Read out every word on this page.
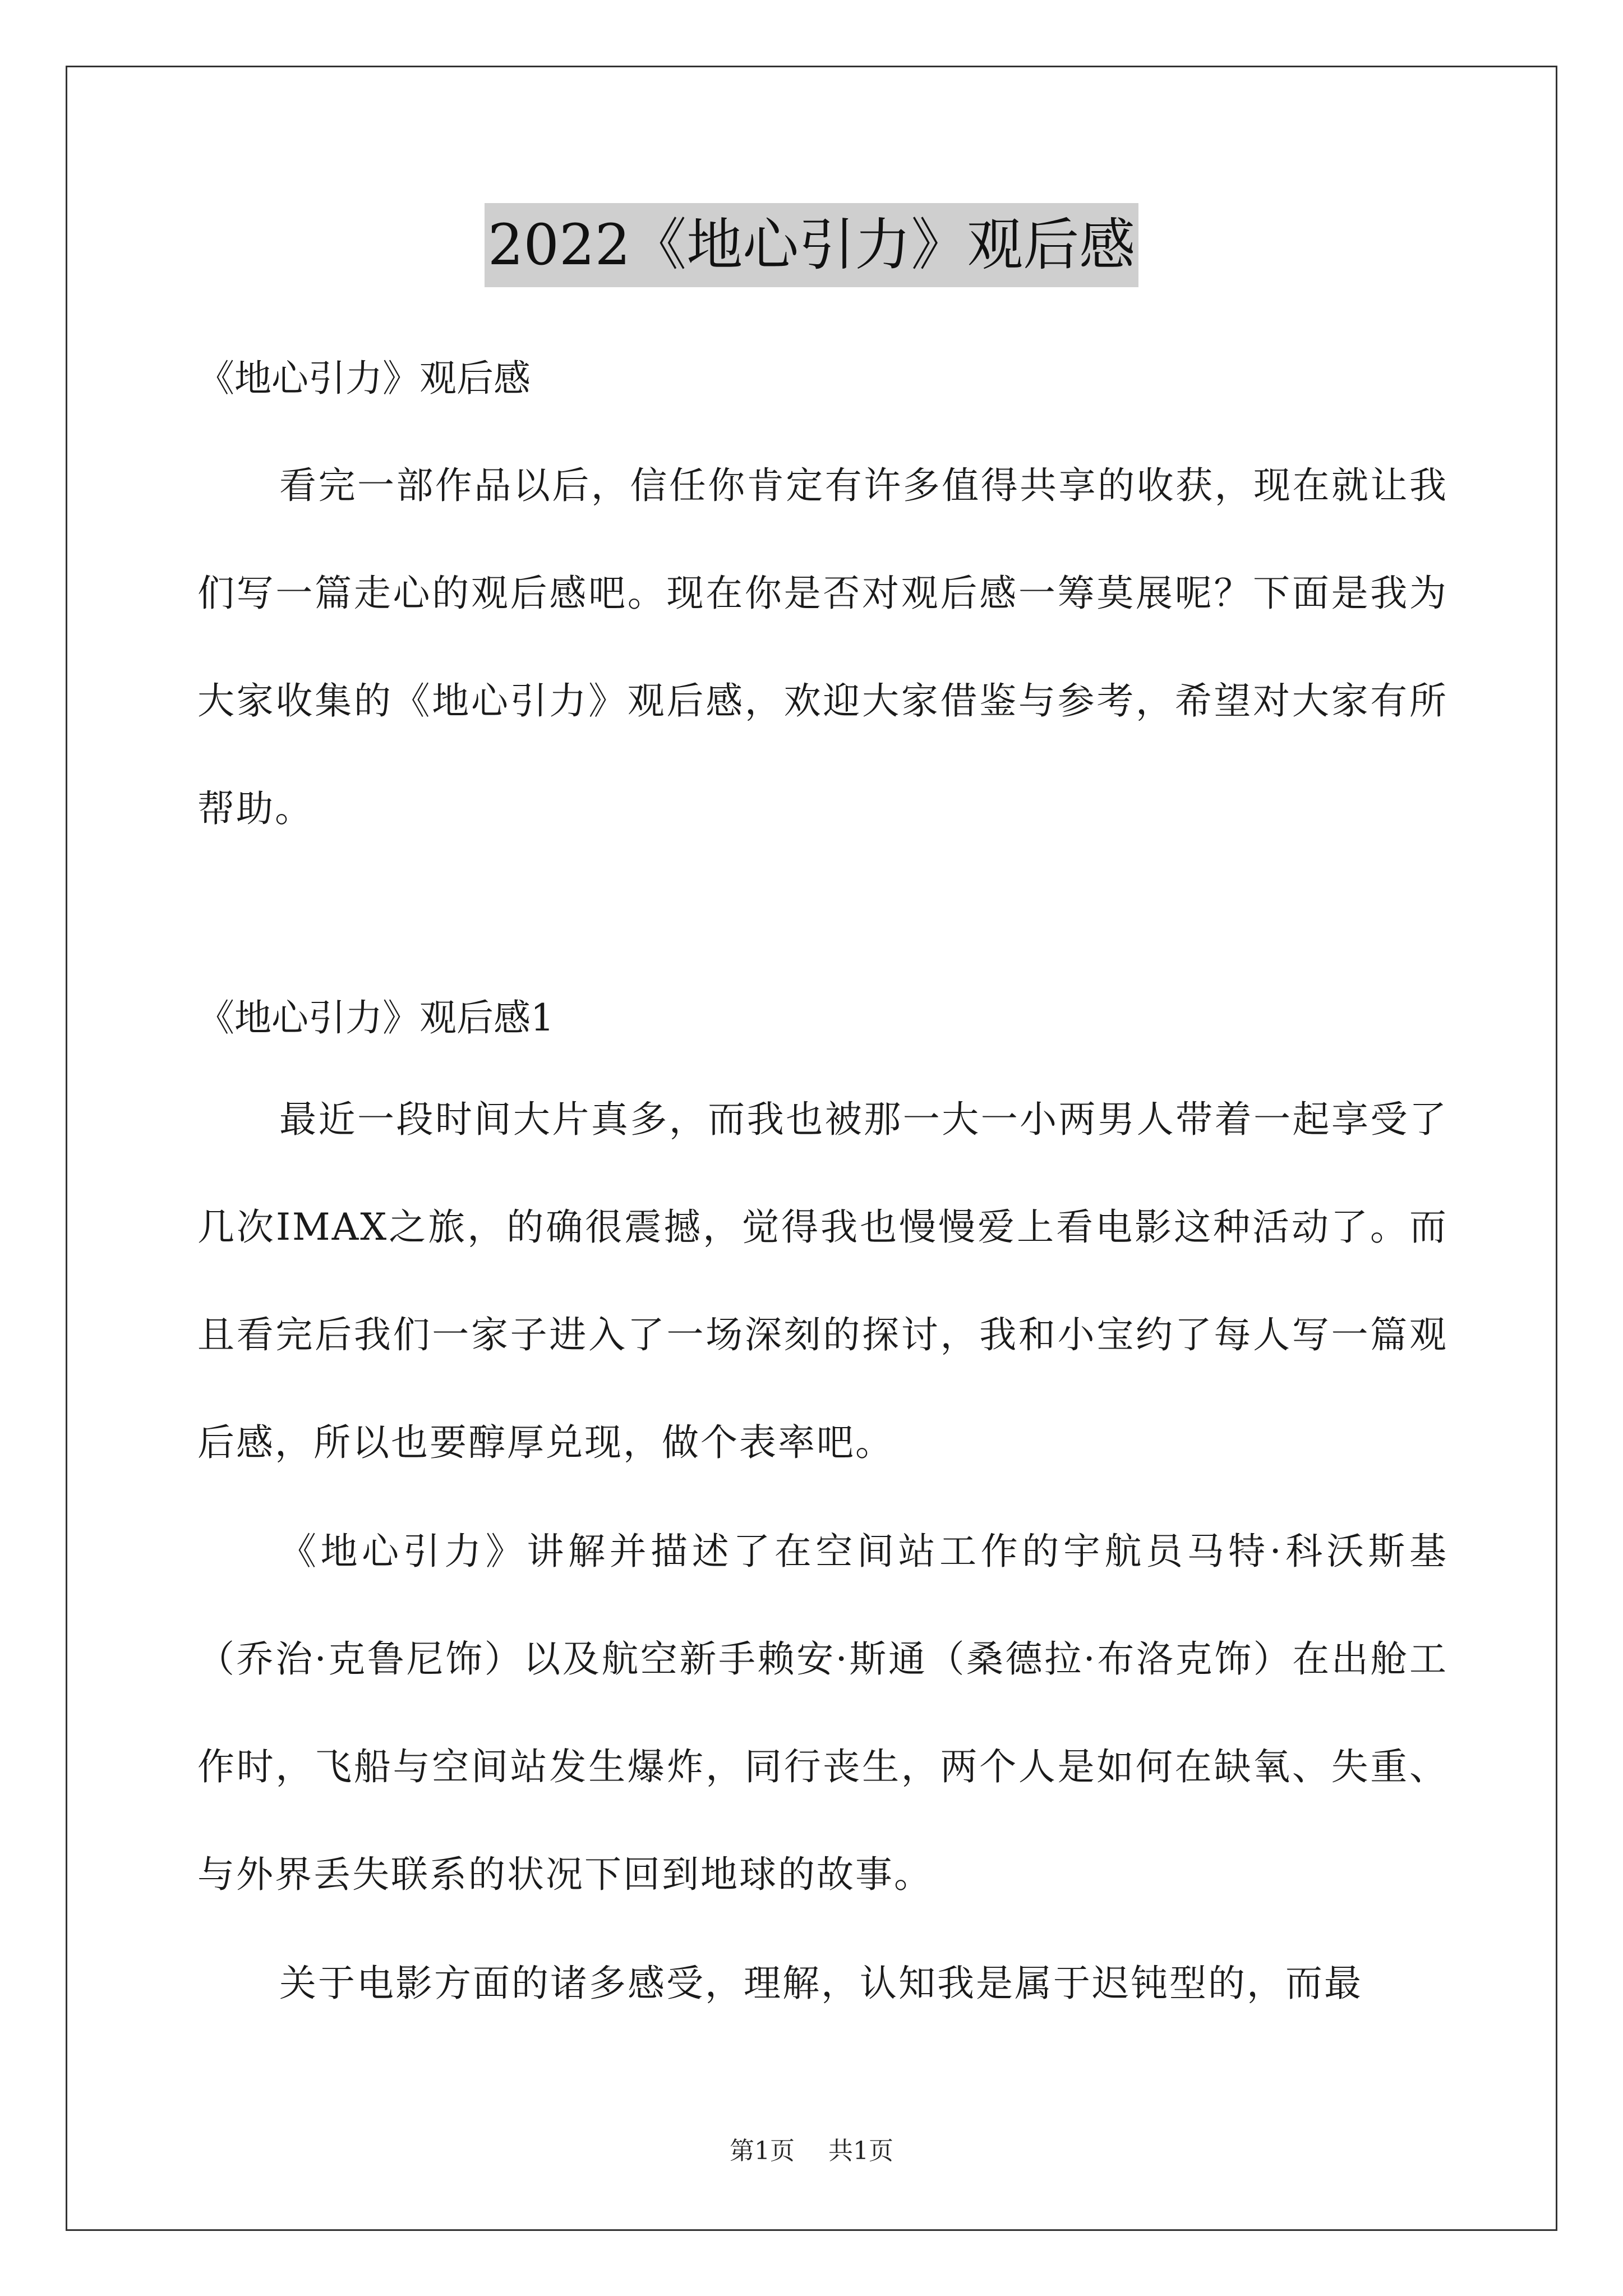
2022《地心引力》观后感
《地心引力》观后感

看完一部作品以后，信任你肯定有许多值得共享的收获，现在就让我们写一篇走心的观后感吧。现在你是否对观后感一筹莫展呢？下面是我为大家收集的《地心引力》观后感，欢迎大家借鉴与参考，希望对大家有所帮助。

《地心引力》观后感1

最近一段时间大片真多，而我也被那一大一小两男人带着一起享受了几次IMAX之旅，的确很震撼，觉得我也慢慢爱上看电影这种活动了。而且看完后我们一家子进入了一场深刻的探讨，我和小宝约了每人写一篇观后感，所以也要醇厚兑现，做个表率吧。

《地心引力》讲解并描述了在空间站工作的宇航员马特·科沃斯基（乔治·克鲁尼饰）以及航空新手赖安·斯通（桑德拉·布洛克饰）在出舱工作时，飞船与空间站发生爆炸，同行丧生，两个人是如何在缺氧、失重、与外界丢失联系的状况下回到地球的故事。

关于电影方面的诸多感受，理解，认知我是属于迟钝型的，而最

第1页 共1页
